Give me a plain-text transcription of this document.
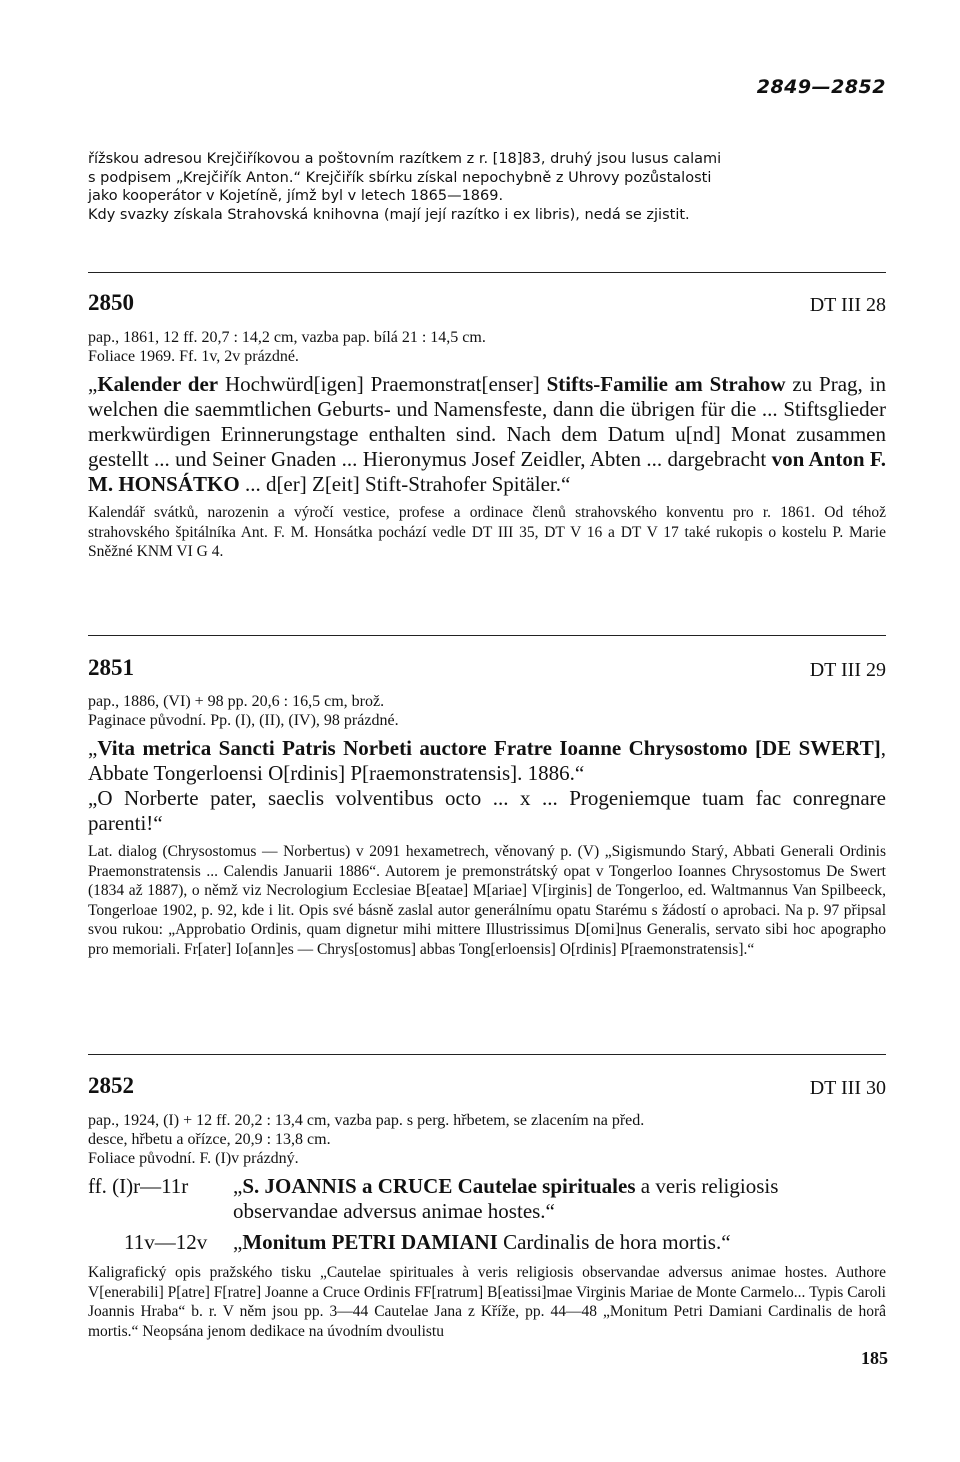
2849—2852

řížskou adresou Krejčiříkovou a poštovním razítkem z r. [18]83, druhý jsou lusus calami

s podpisem „Krejčiřík Anton.“ Krejčiřík sbírku získal nepochybně z Uhrovy pozůstalosti

jako kooperátor v Kojetíně, jímž byl v letech 1865—1869.

Kdy svazky získala Strahovská knihovna (mají její razítko i ex libris), nedá se zjistit.

2850	DT III 28

pap., 1861, 12 ff. 20,7 : 14,2 cm, vazba pap. bílá 21 : 14,5 cm.

Foliace 1969. Ff. 1v, 2v prázdné.

„Kalender der Hochwürd[igen] Praemonstrat[enser] Stifts-Familie am Strahow zu Prag, in welchen die saemmtlichen Geburts- und Namensfeste, dann die übrigen für die ... Stiftsglieder merkwürdigen Erinnerungstage enthalten sind. Nach dem Datum u[nd] Monat zusammen gestellt ... und Seiner Gnaden ... Hieronymus Josef Zeidler, Abten ... dargebracht von Anton F. M. HONSÁTKO ... d[er] Z[eit] Stift-Strahofer Spitäler.“

Kalendář svátků, narozenin a výročí vestice, profese a ordinace členů strahovského konventu pro r. 1861. Od téhož strahovského špitálníka Ant. F. M. Honsátka pochází vedle DT III 35, DT V 16 a DT V 17 také rukopis o kostelu P. Marie Sněžné KNM VI G 4.

2851	DT III 29

pap., 1886, (VI) + 98 pp. 20,6 : 16,5 cm, brož.

Paginace původní. Pp. (I), (II), (IV), 98 prázdné.

„Vita metrica Sancti Patris Norbeti auctore Fratre Ioanne Chrysostomo [DE SWERT], Abbate Tongerloensi O[rdinis] P[raemonstratensis]. 1886.“

„O Norberte pater, saeclis volventibus octo ... x ... Progeniemque tuam fac conregnare parenti!“

Lat. dialog (Chrysostomus — Norbertus) v 2091 hexametrech, věnovaný p. (V) „Sigismundo Starý, Abbati Generali Ordinis Praemonstratensis ... Calendis Januarii 1886“. Autorem je premonstrátský opat v Tongerloo Ioannes Chrysostomus De Swert (1834 až 1887), o němž viz Necrologium Ecclesiae B[eatae] M[ariae] V[irginis] de Tongerloo, ed. Waltmannus Van Spilbeeck, Tongerloae 1902, p. 92, kde i lit. Opis své básně zaslal autor generálnímu opatu Starému s žádostí o aprobaci. Na p. 97 připsal svou rukou: „Approbatio Ordinis, quam dignetur mihi mittere Illustrissimus D[omi]nus Generalis, servato sibi hoc apographo pro memoriali. Fr[ater] Io[ann]es — Chrys[ostomus] abbas Tong[erloensis] O[rdinis] P[raemonstratensis].“

2852	DT III 30

pap., 1924, (I) + 12 ff. 20,2 : 13,4 cm, vazba pap. s perg. hřbetem, se zlacením na před.

desce, hřbetu a ořízce, 20,9 : 13,8 cm.

Foliace původní. F. (I)v prázdný.

ff. (I)r—11r „S. JOANNIS a CRUCE Cautelae spirituales a veris religiosis observandae adversus animae hostes.“
11v—12v „Monitum PETRI DAMIANI Cardinalis de hora mortis.“

Kaligrafický opis pražského tisku „Cautelae spirituales à veris religiosis observandae adversus animae hostes. Authore V[enerabili] P[atre] F[ratre] Joanne a Cruce Ordinis FF[ratrum] B[eatissi]mae Virginis Mariae de Monte Carmelo... Typis Caroli Joannis Hraba“ b. r. V něm jsou pp. 3—44 Cautelae Jana z Kříže, pp. 44—48 „Monitum Petri Damiani Cardinalis de horâ mortis.“ Neopsána jenom dedikace na úvodním dvoulistu

185
